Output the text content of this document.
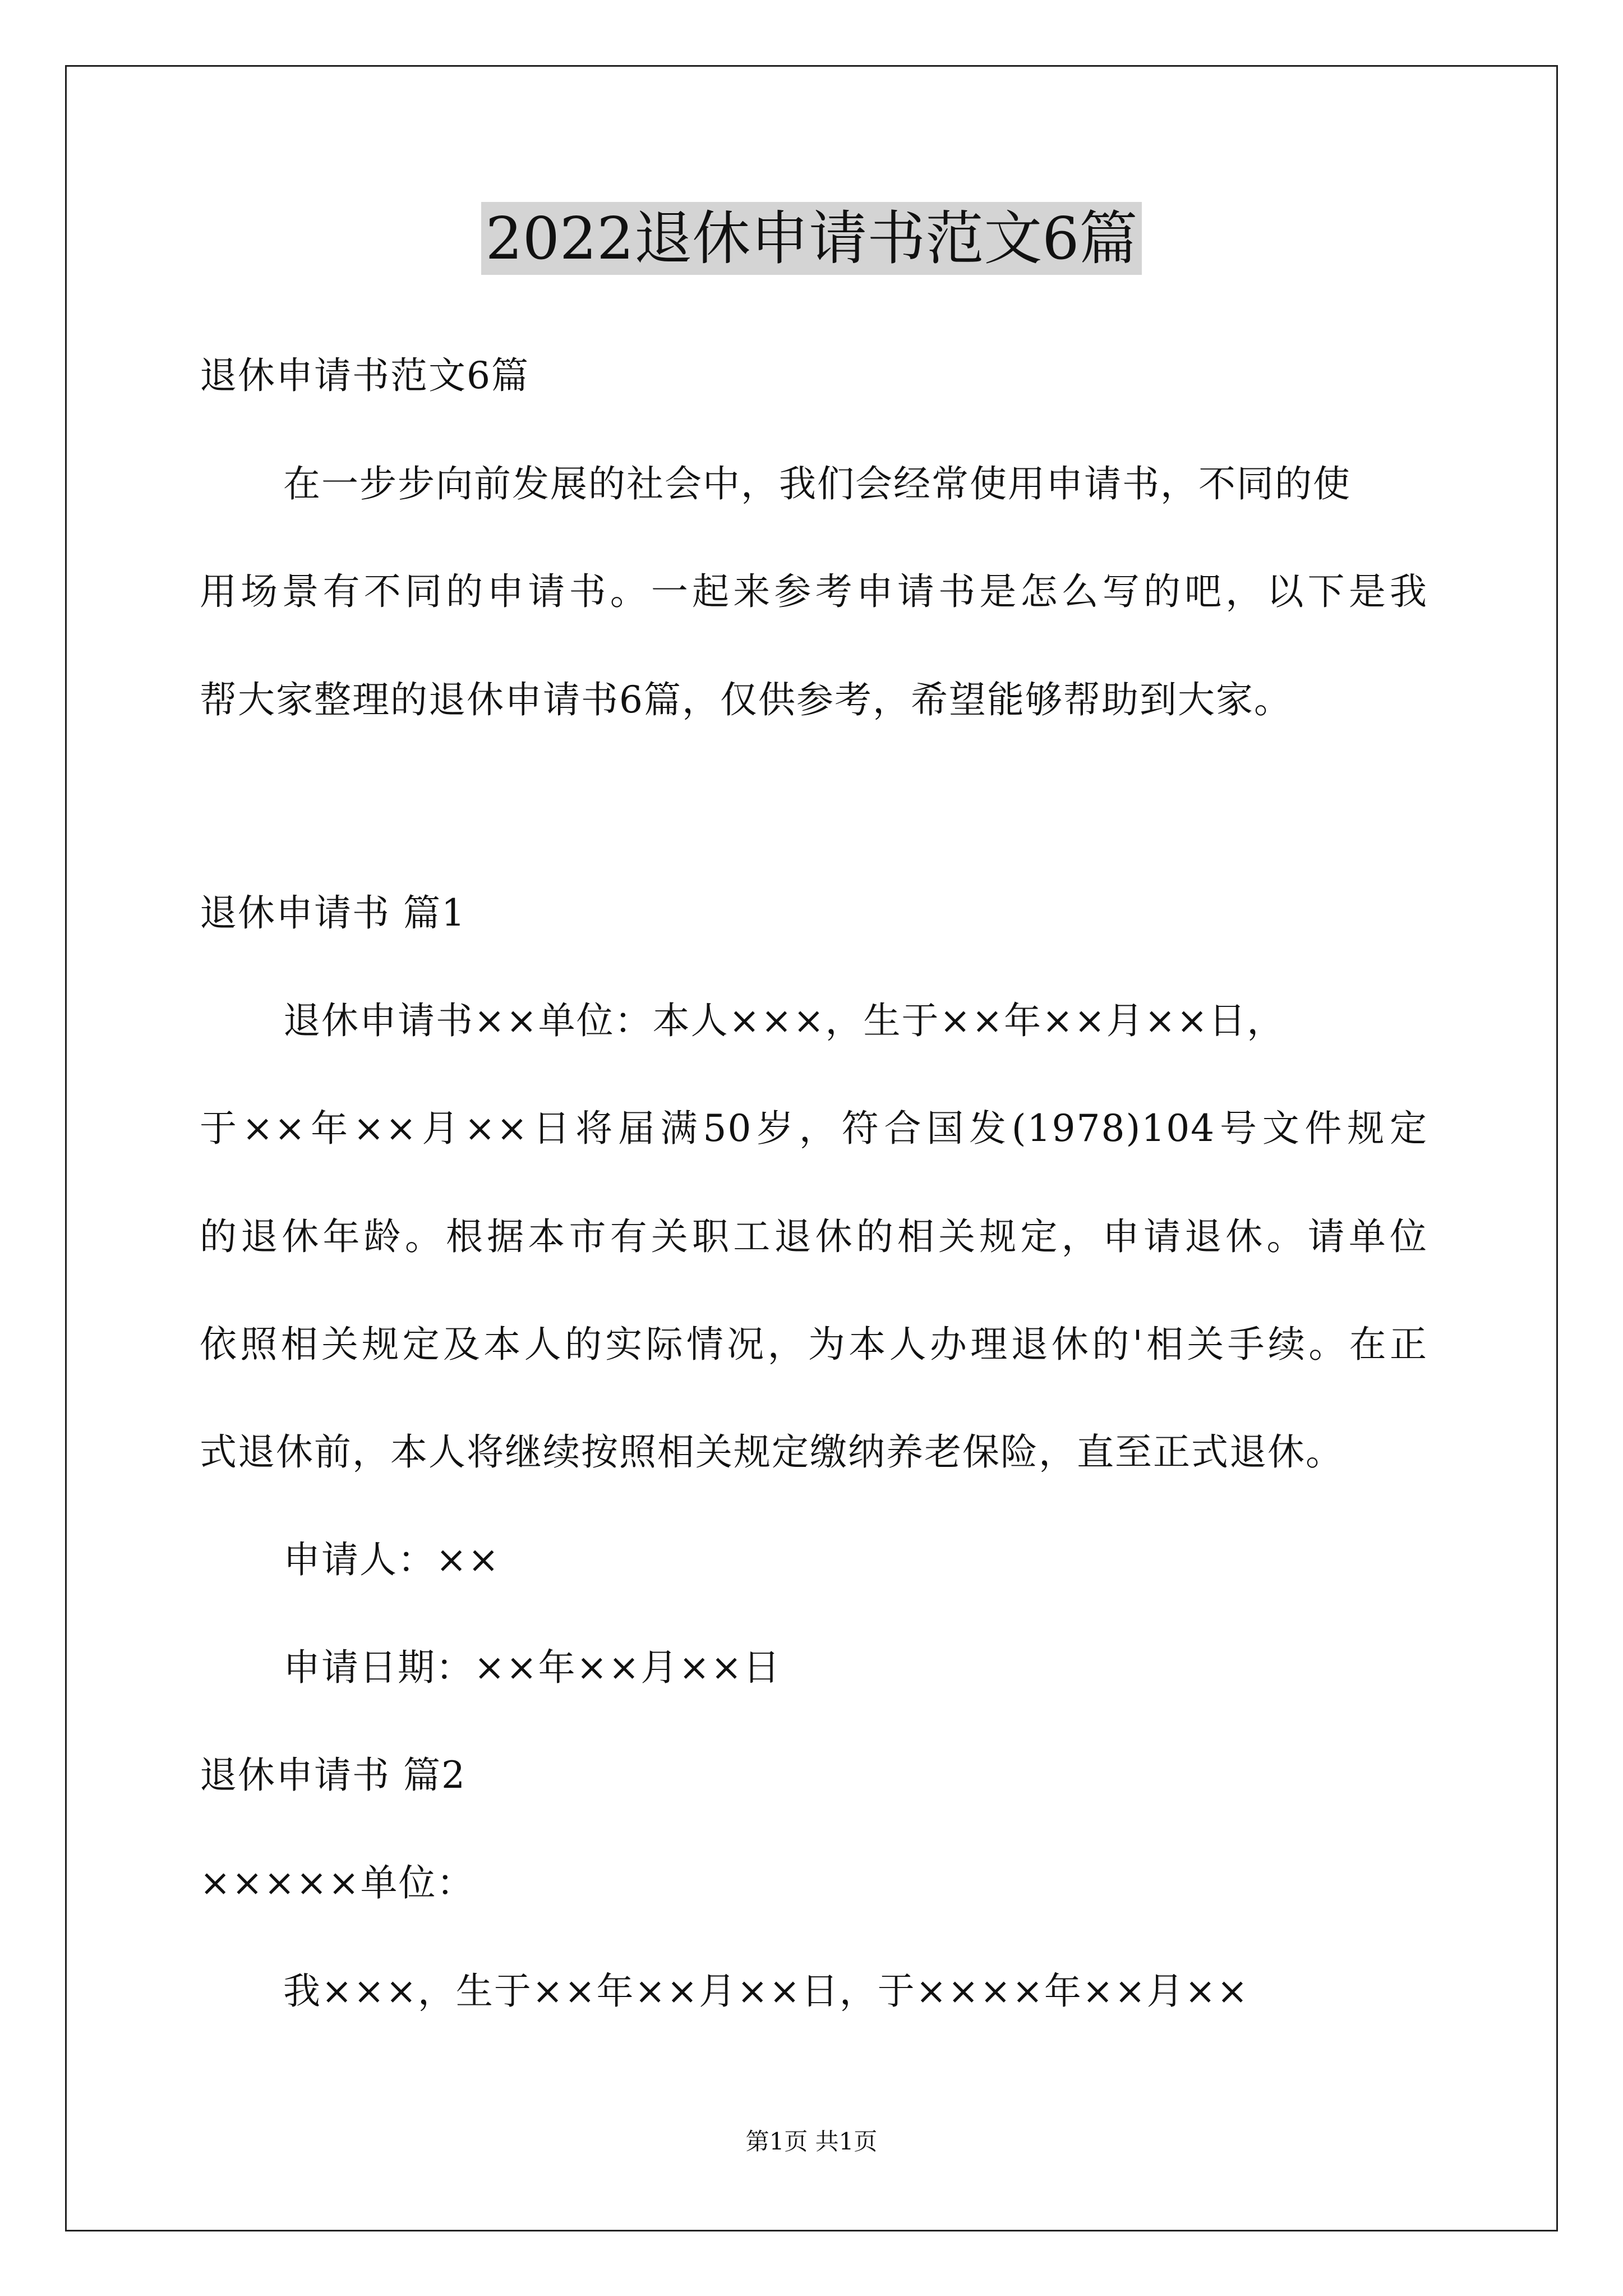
2022退休申请书范文6篇
退休申请书范文6篇
在一步步向前发展的社会中，我们会经常使用申请书，不同的使
用场景有不同的申请书。一起来参考申请书是怎么写的吧，以下是我
帮大家整理的退休申请书6篇，仅供参考，希望能够帮助到大家。
退休申请书 篇1
退休申请书××单位：本人×××，生于××年××月××日，
于××年××月××日将届满50岁，符合国发(1978)104号文件规定
的退休年龄。根据本市有关职工退休的相关规定，申请退休。请单位
依照相关规定及本人的实际情况，为本人办理退休的'相关手续。在正
式退休前，本人将继续按照相关规定缴纳养老保险，直至正式退休。
申请人：××
申请日期：××年××月××日
退休申请书 篇2
×××××单位：
我×××，生于××年××月××日，于××××年××月××
第1页 共1页
